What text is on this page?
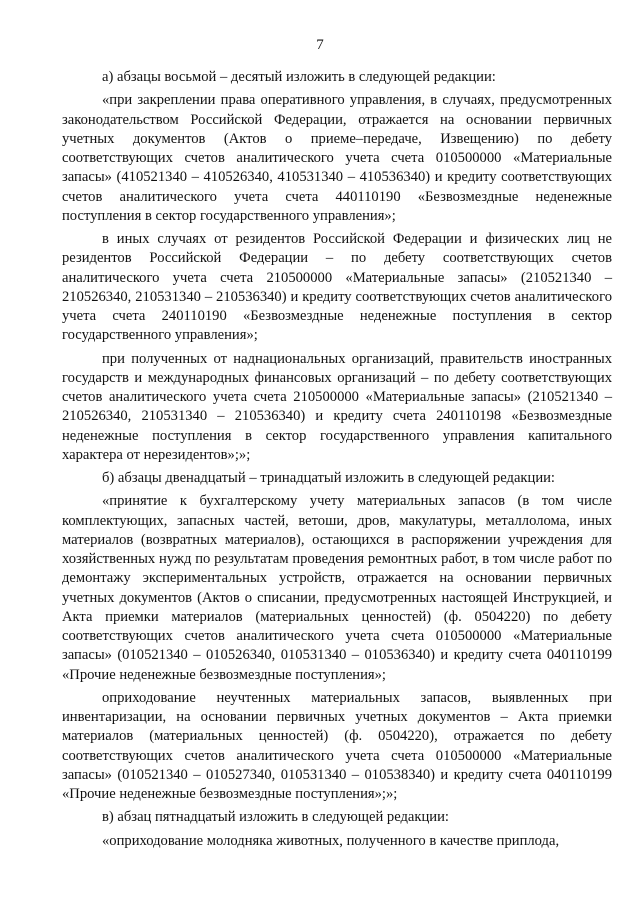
7

а) абзацы восьмой – десятый изложить в следующей редакции:

«при закреплении права оперативного управления, в случаях, предусмотренных законодательством Российской Федерации, отражается на основании первичных учетных документов (Актов о приеме–передаче, Извещению) по дебету соответствующих счетов аналитического учета счета 010500000 «Материальные запасы» (410521340 – 410526340, 410531340 – 410536340) и кредиту соответствующих счетов аналитического учета счета 440110190 «Безвозмездные неденежные поступления в сектор государственного управления»;

в иных случаях от резидентов Российской Федерации и физических лиц не резидентов Российской Федерации – по дебету соответствующих счетов аналитического учета счета 210500000 «Материальные запасы» (210521340 – 210526340, 210531340 – 210536340) и кредиту соответствующих счетов аналитического учета счета 240110190 «Безвозмездные неденежные поступления в сектор государственного управления»;

при полученных от наднациональных организаций, правительств иностранных государств и международных финансовых организаций – по дебету соответствующих счетов аналитического учета счета 210500000 «Материальные запасы» (210521340 – 210526340, 210531340 – 210536340) и кредиту счета 240110198 «Безвозмездные неденежные поступления в сектор государственного управления капитального характера от нерезидентов»;»;

б) абзацы двенадцатый – тринадцатый изложить в следующей редакции:

«принятие к бухгалтерскому учету материальных запасов (в том числе комплектующих, запасных частей, ветоши, дров, макулатуры, металлолома, иных материалов (возвратных материалов), остающихся в распоряжении учреждения для хозяйственных нужд по результатам проведения ремонтных работ, в том числе работ по демонтажу экспериментальных устройств, отражается на основании первичных учетных документов (Актов о списании, предусмотренных настоящей Инструкцией, и Акта приемки материалов (материальных ценностей) (ф. 0504220) по дебету соответствующих счетов аналитического учета счета 010500000 «Материальные запасы» (010521340 – 010526340, 010531340 – 010536340) и кредиту счета 040110199 «Прочие неденежные безвозмездные поступления»;

оприходование неучтенных материальных запасов, выявленных при инвентаризации, на основании первичных учетных документов – Акта приемки материалов (материальных ценностей) (ф. 0504220), отражается по дебету соответствующих счетов аналитического учета счета 010500000 «Материальные запасы» (010521340 – 010527340, 010531340 – 010538340) и кредиту счета 040110199 «Прочие неденежные безвозмездные поступления»;»;

в) абзац пятнадцатый изложить в следующей редакции:

«оприходование молодняка животных, полученного в качестве приплода,
